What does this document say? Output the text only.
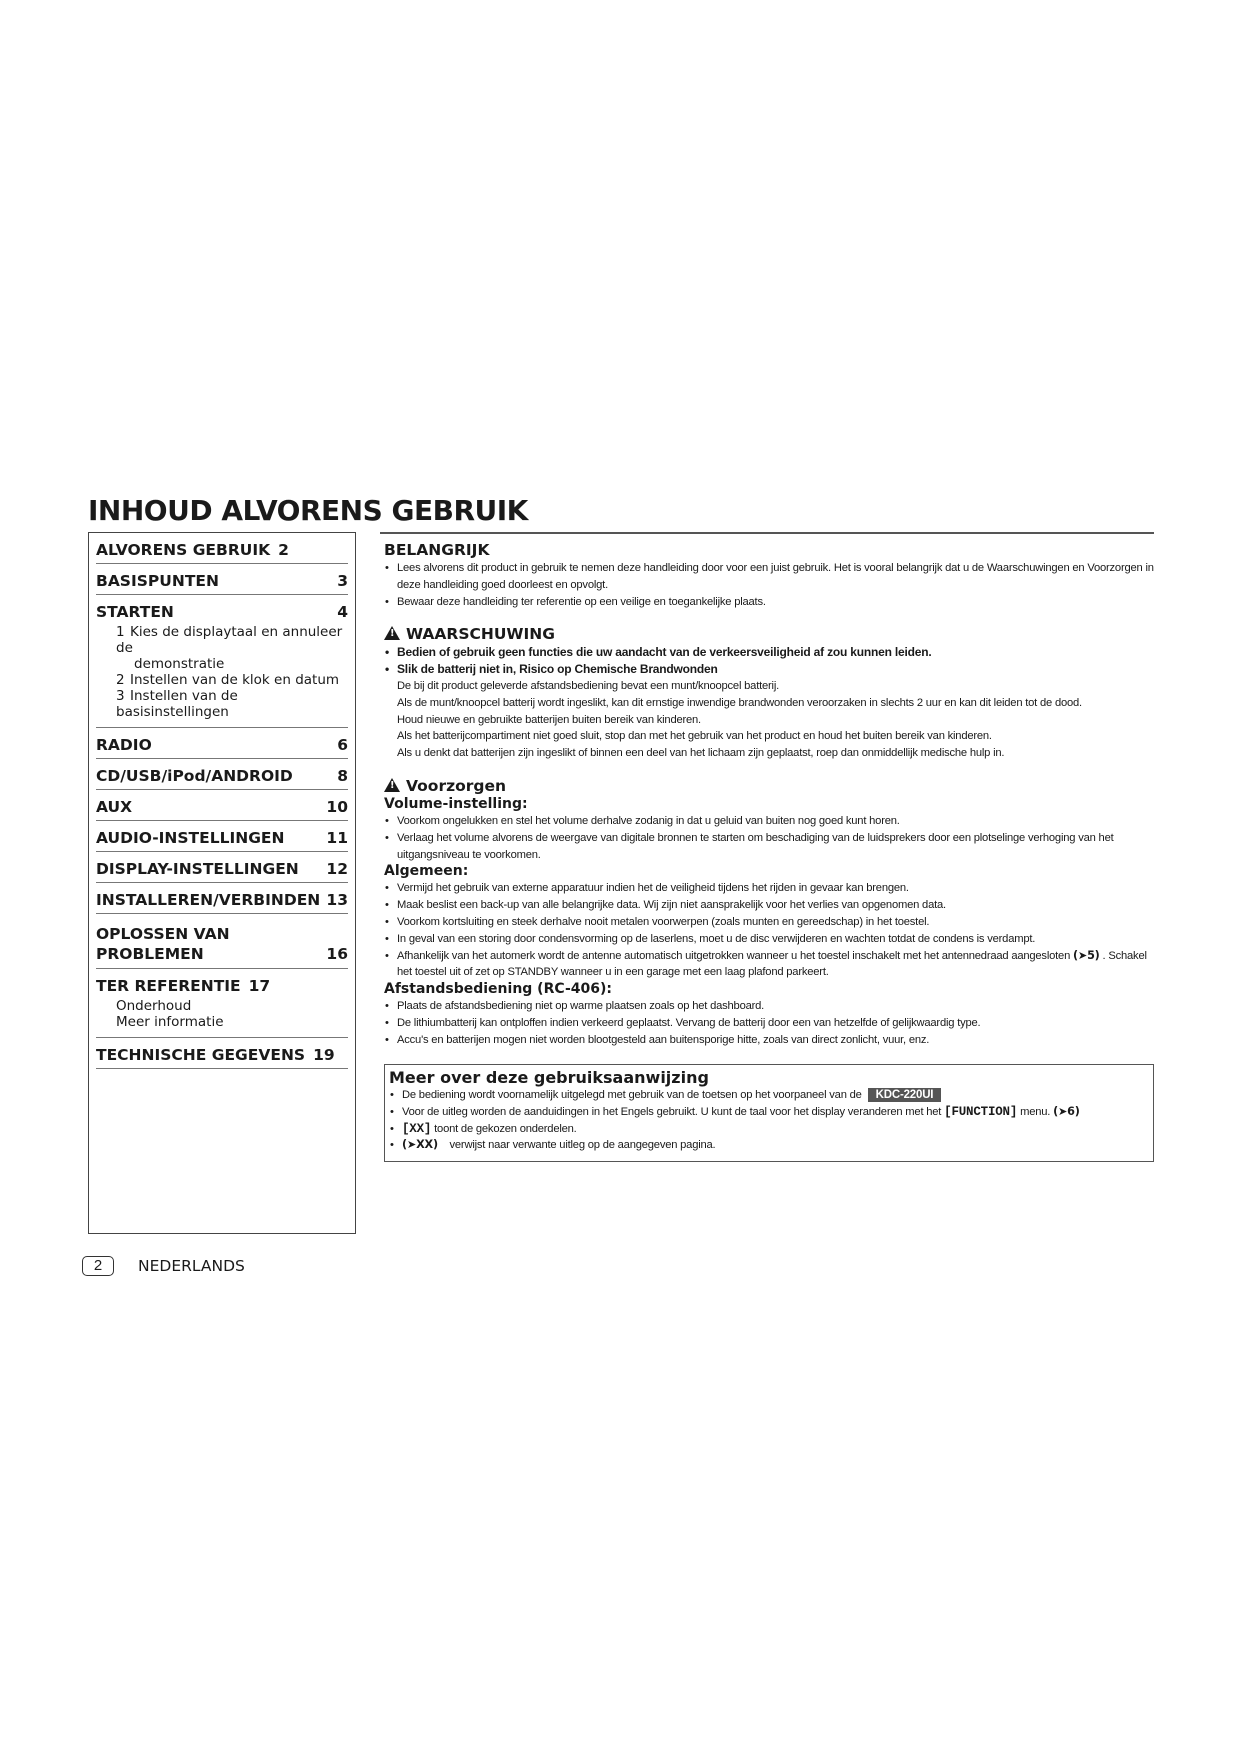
INHOUD ALVORENS GEBRUIK
ALVORENS GEBRUIK 2
BASISPUNTEN	3
STARTEN	4
1 Kies de displaytaal en annuleer de
demonstratie
2 Instellen van de klok en datum
3 Instellen van de basisinstellingen
RADIO	6
CD/USB/iPod/ANDROID	8
AUX	10
AUDIO-INSTELLINGEN	11
DISPLAY-INSTELLINGEN 12
INSTALLEREN/VERBINDEN 13
OPLOSSEN VAN
PROBLEMEN	16
TER REFERENTIE 17
Onderhoud
Meer informatie
TECHNISCHE GEGEVENS 19
BELANGRIJK
• Lees alvorens dit product in gebruik te nemen deze handleiding door voor een juist gebruik. Het is vooral belangrijk dat u de Waarschuwingen en Voorzorgen in deze handleiding goed doorleest en opvolgt.
• Bewaar deze handleiding ter referentie op een veilige en toegankelijke plaats.
!WAARSCHUWING
• Bedien of gebruik geen functies die uw aandacht van de verkeersveiligheid af zou kunnen leiden.
• Slik de batterij niet in, Risico op Chemische Brandwonden

De bij dit product geleverde afstandsbediening bevat een munt/knoopcel batterij.

Als de munt/knoopcel batterij wordt ingeslikt, kan dit ernstige inwendige brandwonden veroorzaken in slechts 2 uur en kan dit leiden tot de dood.

Houd nieuwe en gebruikte batterijen buiten bereik van kinderen.

Als het batterijcompartiment niet goed sluit, stop dan met het gebruik van het product en houd het buiten bereik van kinderen.

Als u denkt dat batterijen zijn ingeslikt of binnen een deel van het lichaam zijn geplaatst, roep dan onmiddellijk medische hulp in.

!Voorzorgen
Volume-instelling:
• Voorkom ongelukken en stel het volume derhalve zodanig in dat u geluid van buiten nog goed kunt horen.
• Verlaag het volume alvorens de weergave van digitale bronnen te starten om beschadiging van de luidsprekers door een plotselinge verhoging van het uitgangsniveau te voorkomen.
Algemeen:
• Vermijd het gebruik van externe apparatuur indien het de veiligheid tijdens het rijden in gevaar kan brengen.
• Maak beslist een back-up van alle belangrijke data. Wij zijn niet aansprakelijk voor het verlies van opgenomen data.
• Voorkom kortsluiting en steek derhalve nooit metalen voorwerpen (zoals munten en gereedschap) in het toestel.
• In geval van een storing door condensvorming op de laserlens, moet u de disc verwijderen en wachten totdat de condens is verdampt.
• Afhankelijk van het automerk wordt de antenne automatisch uitgetrokken wanneer u het toestel inschakelt met het antennedraad aangesloten (➤5) . Schakel het toestel uit of zet op STANDBY wanneer u in een garage met een laag plafond parkeert.
Afstandsbediening (RC-406):
• Plaats de afstandsbediening niet op warme plaatsen zoals op het dashboard.
• De lithiumbatterij kan ontploffen indien verkeerd geplaatst. Vervang de batterij door een van hetzelfde of gelijkwaardig type.
• Accu's en batterijen mogen niet worden blootgesteld aan buitensporige hitte, zoals van direct zonlicht, vuur, enz.
Meer over deze gebruiksaanwijzing
• De bediening wordt voornamelijk uitgelegd met gebruik van de toetsen op het voorpaneel van de KDC-220UI
• Voor de uitleg worden de aanduidingen in het Engels gebruikt. U kunt de taal voor het display veranderen met het [FUNCTION] menu. (➤6)
• [XX] toont de gekozen onderdelen.
• (➤XX) verwijst naar verwante uitleg op de aangegeven pagina.
2	NEDERLANDS
